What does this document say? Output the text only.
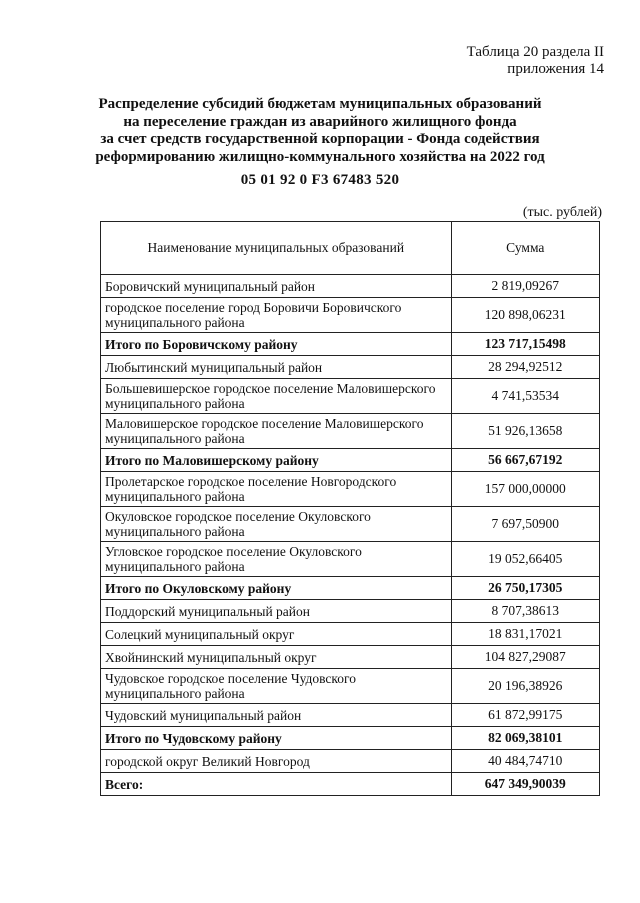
Таблица 20 раздела II
приложения 14
Распределение субсидий бюджетам муниципальных образований
на переселение граждан из аварийного жилищного фонда
за счет средств государственной корпорации - Фонда содействия
реформированию жилищно-коммунального хозяйства на 2022 год
05 01 92 0 F3 67483 520
(тыс. рублей)
Наименование муниципальных образований	Сумма
Боровичский муниципальный район	2 819,09267
городское поселение город Боровичи Боровичского муниципального района	120 898,06231
Итого по Боровичскому району	123 717,15498
Любытинский муниципальный район	28 294,92512
Большевишерское городское поселение Маловишерского муниципального района	4 741,53534
Маловишерское городское поселение Маловишерского муниципального района	51 926,13658
Итого по Маловишерскому району	56 667,67192
Пролетарское городское поселение Новгородского муниципального района	157 000,00000
Окуловское городское поселение Окуловского муниципального района	7 697,50900
Угловское городское поселение Окуловского муниципального района	19 052,66405
Итого по Окуловскому району	26 750,17305
Поддорский муниципальный район	8 707,38613
Солецкий муниципальный округ	18 831,17021
Хвойнинский муниципальный округ	104 827,29087
Чудовское городское поселение Чудовского муниципального района	20 196,38926
Чудовский муниципальный район	61 872,99175
Итого по Чудовскому району	82 069,38101
городской округ Великий Новгород	40 484,74710
Всего:	647 349,90039
